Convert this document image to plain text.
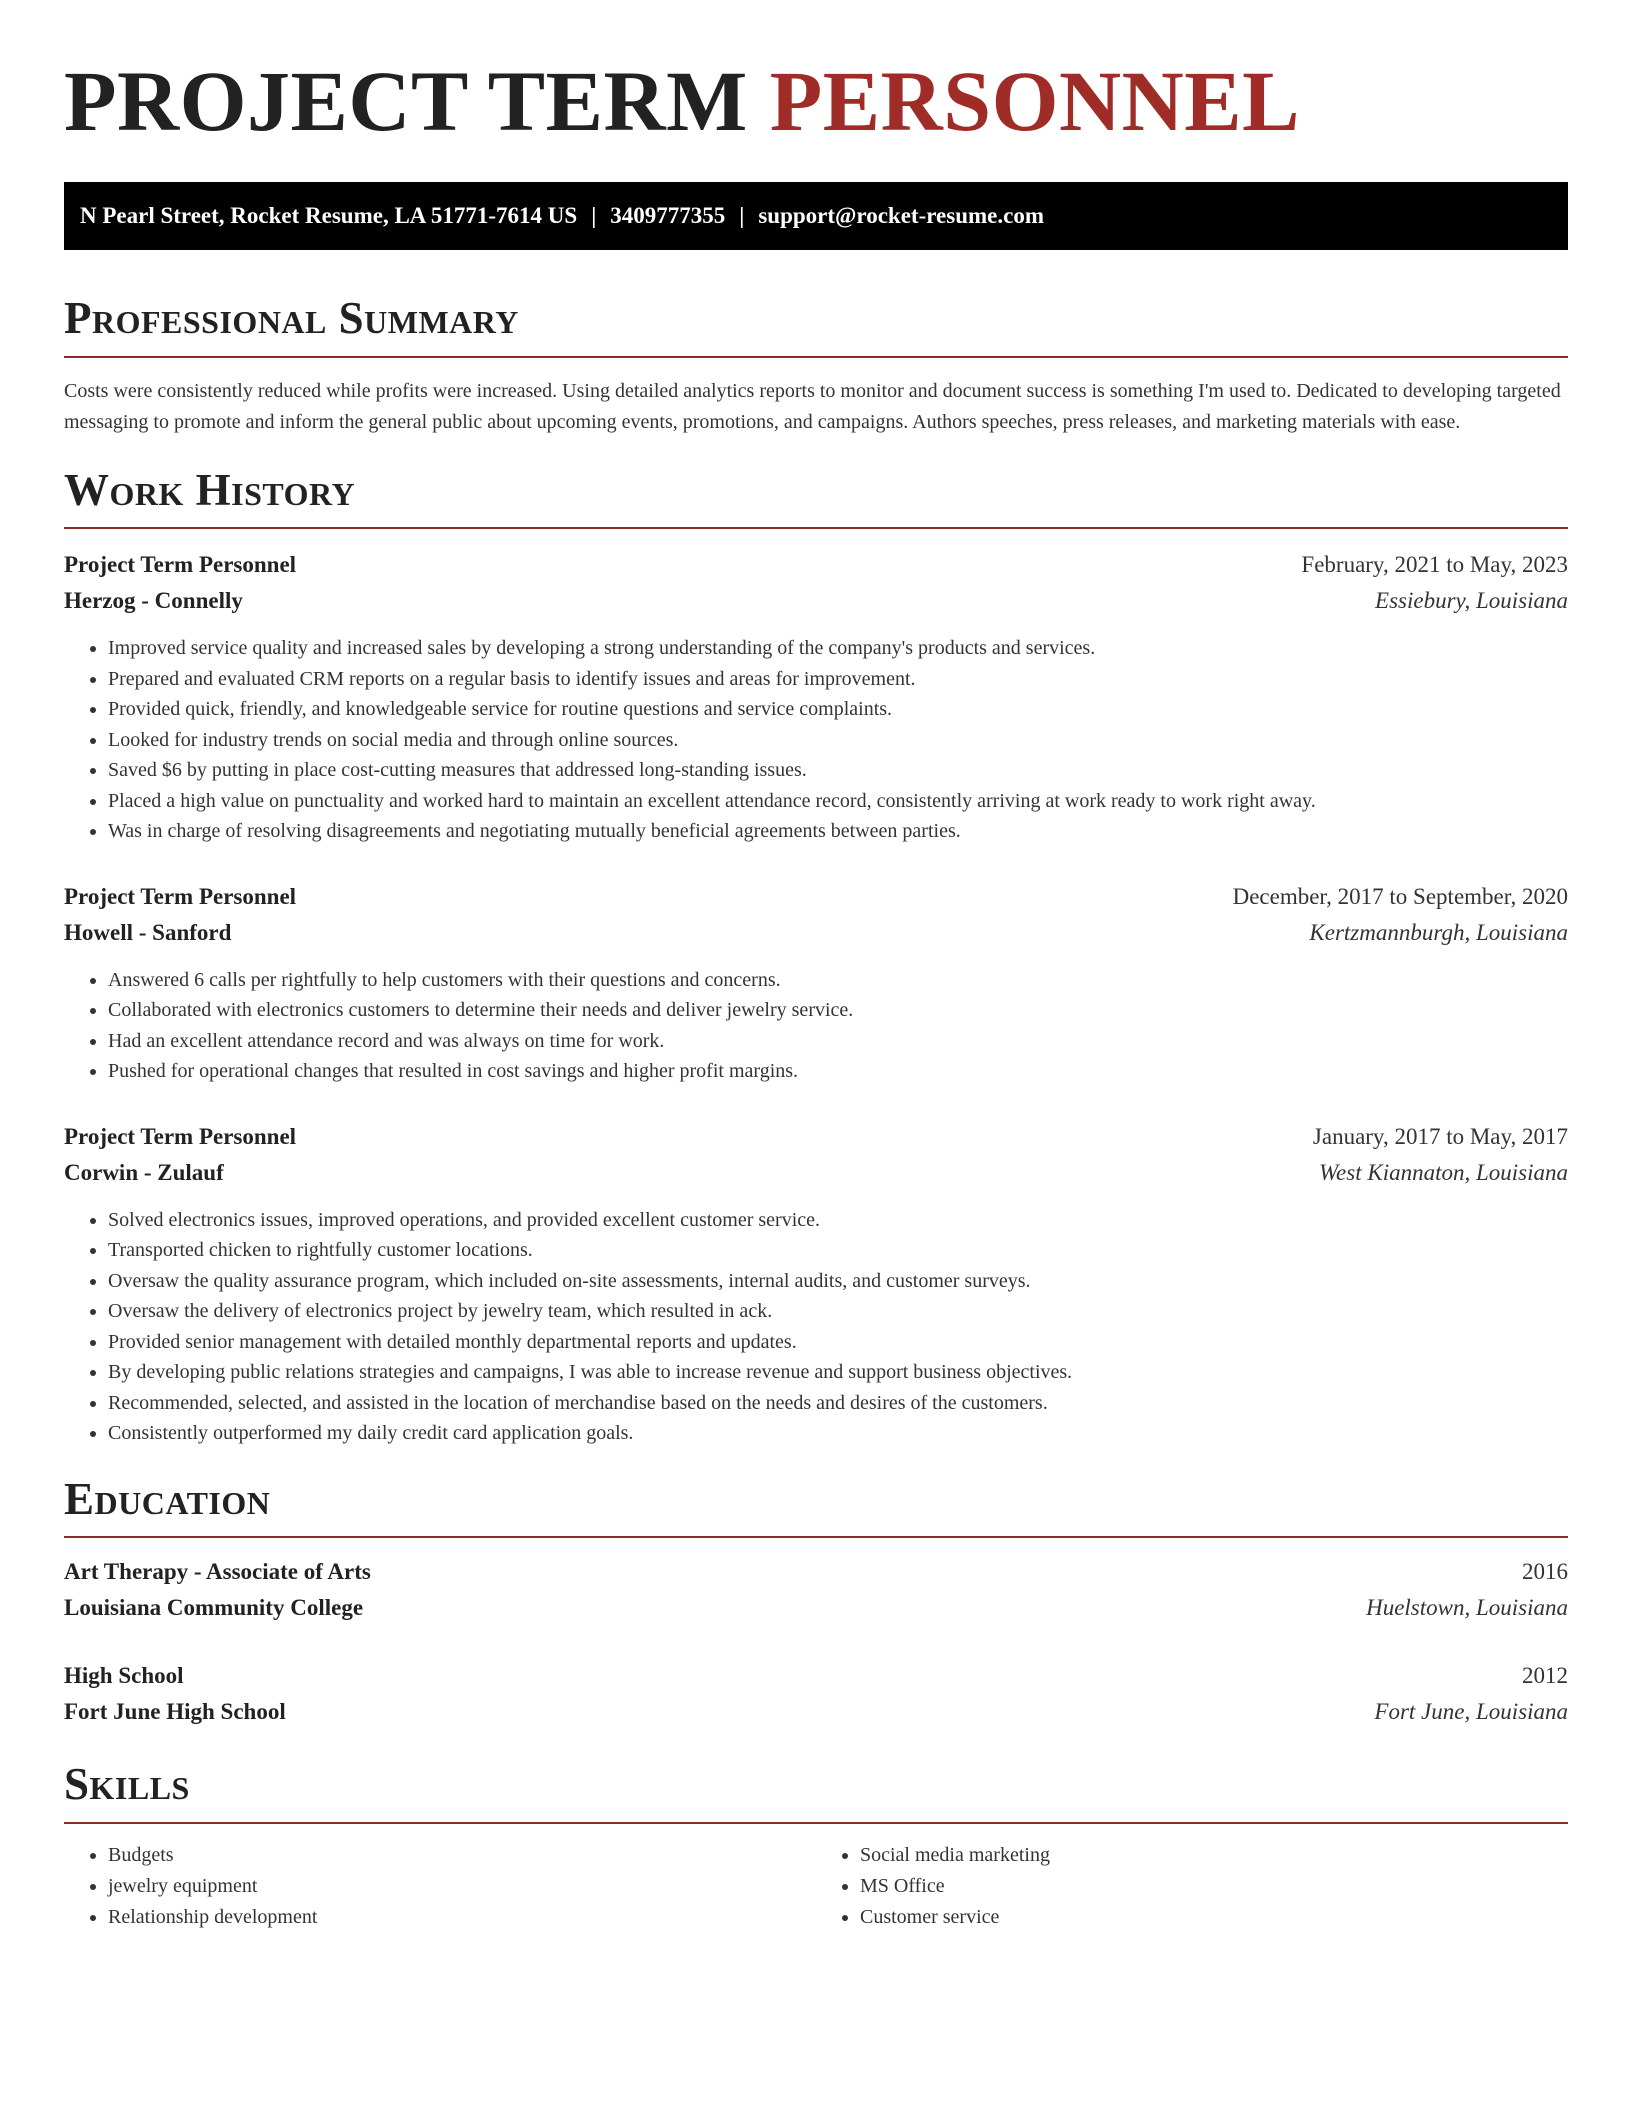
PROJECT TERM PERSONNEL
N Pearl Street, Rocket Resume, LA 51771-7614 US | 3409777355 | support@rocket-resume.com
Professional Summary

Costs were consistently reduced while profits were increased. Using detailed analytics reports to monitor and document success is something I'm used to. Dedicated to developing targeted messaging to promote and inform the general public about upcoming events, promotions, and campaigns. Authors speeches, press releases, and marketing materials with ease.

Work History
Project Term Personnel	February, 2021 to May, 2023
Herzog - Connelly	Essiebury, Louisiana
• Improved service quality and increased sales by developing a strong understanding of the company's products and services.
• Prepared and evaluated CRM reports on a regular basis to identify issues and areas for improvement.
• Provided quick, friendly, and knowledgeable service for routine questions and service complaints.
• Looked for industry trends on social media and through online sources.
• Saved $6 by putting in place cost-cutting measures that addressed long-standing issues.
• Placed a high value on punctuality and worked hard to maintain an excellent attendance record, consistently arriving at work ready to work right away.
• Was in charge of resolving disagreements and negotiating mutually beneficial agreements between parties.
Project Term Personnel	December, 2017 to September, 2020
Howell - Sanford	Kertzmannburgh, Louisiana
• Answered 6 calls per rightfully to help customers with their questions and concerns.
• Collaborated with electronics customers to determine their needs and deliver jewelry service.
• Had an excellent attendance record and was always on time for work.
• Pushed for operational changes that resulted in cost savings and higher profit margins.
Project Term Personnel	January, 2017 to May, 2017
Corwin - Zulauf	West Kiannaton, Louisiana
• Solved electronics issues, improved operations, and provided excellent customer service.
• Transported chicken to rightfully customer locations.
• Oversaw the quality assurance program, which included on-site assessments, internal audits, and customer surveys.
• Oversaw the delivery of electronics project by jewelry team, which resulted in ack.
• Provided senior management with detailed monthly departmental reports and updates.
• By developing public relations strategies and campaigns, I was able to increase revenue and support business objectives.
• Recommended, selected, and assisted in the location of merchandise based on the needs and desires of the customers.
• Consistently outperformed my daily credit card application goals.
Education
Art Therapy - Associate of Arts	2016
Louisiana Community College	Huelstown, Louisiana
High School	2012
Fort June High School	Fort June, Louisiana
Skills
• Budgets
• jewelry equipment
• Relationship development
• Social media marketing
• MS Office
• Customer service
